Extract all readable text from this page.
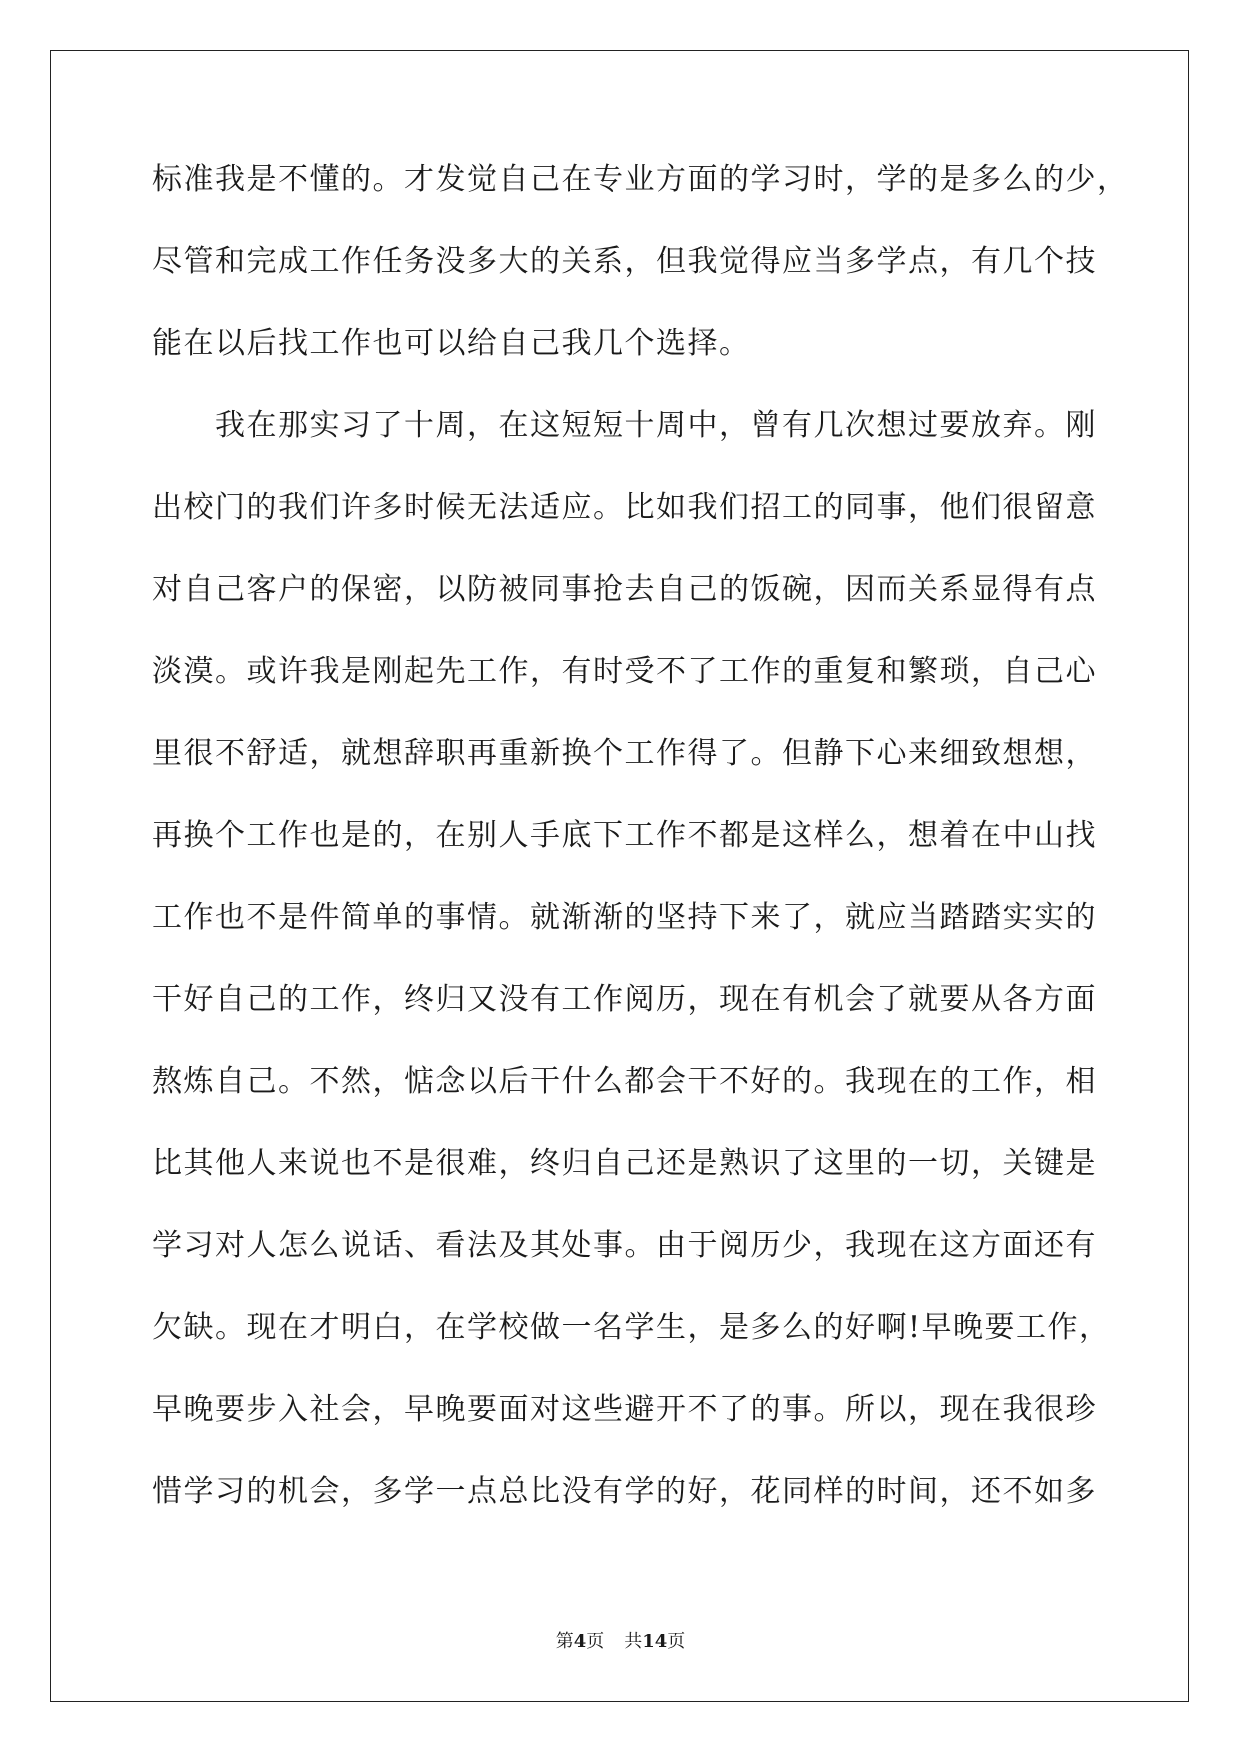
标准我是不懂的。才发觉自己在专业方面的学习时，学的是多么的少，
尽管和完成工作任务没多大的关系，但我觉得应当多学点，有几个技
能在以后找工作也可以给自己我几个选择。
　　我在那实习了十周，在这短短十周中，曾有几次想过要放弃。刚
出校门的我们许多时候无法适应。比如我们招工的同事，他们很留意
对自己客户的保密，以防被同事抢去自己的饭碗，因而关系显得有点
淡漠。或许我是刚起先工作，有时受不了工作的重复和繁琐，自己心
里很不舒适，就想辞职再重新换个工作得了。但静下心来细致想想，
再换个工作也是的，在别人手底下工作不都是这样么，想着在中山找
工作也不是件简单的事情。就渐渐的坚持下来了，就应当踏踏实实的
干好自己的工作，终归又没有工作阅历，现在有机会了就要从各方面
熬炼自己。不然，惦念以后干什么都会干不好的。我现在的工作，相
比其他人来说也不是很难，终归自己还是熟识了这里的一切，关键是
学习对人怎么说话、看法及其处事。由于阅历少，我现在这方面还有
欠缺。现在才明白，在学校做一名学生，是多么的好啊!早晚要工作，
早晚要步入社会，早晚要面对这些避开不了的事。所以，现在我很珍
惜学习的机会，多学一点总比没有学的好，花同样的时间，还不如多
第4页 共14页
